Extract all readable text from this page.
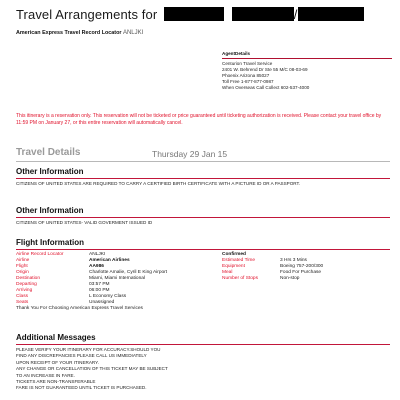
Travel Arrangements for	/
American Express Travel Record Locator ANLJKI
AgentDetails
Centurion Travel Service
2401 W. Behrend Dr Ste 55 M/C 08-03-69
Phoenix Arizona 85027
Toll Free 1-877-877-0987
When Overseas Call Collect 602-537-4000
This itinerary is a reservation only. This reservation will not be ticketed or price guaranteed until ticketing authorization is received. Please contact your travel office by 11:59 PM on January 27, or this entire reservation will automatically cancel.
Travel Details	Thursday 29 Jan 15
Other Information
CITIZENS OF UNITED STATES ARE REQUIRED TO CARRY A CERTIFIED BIRTH CERTIFICATE WITH A PICTURE ID OR A PASSPORT.
Other Information
CITIZENS OF UNITED STATES- VALID GOVERMENT ISSUED ID
Flight Information
Airline Record Locator	ANLJKI
Airline	American Airlines
Flight	AA986
Origin	Charlotte Amalie, Cyril E King Airport
Destination	Miami, Miami International
Departing	03:57 PM
Arriving	06:00 PM
Class	L Economy Class
Seats	Unassigned
Thank You For Choosing American Express Travel Services
Confirmed
Estimated Time	3 Hrs 3 Mins
Equipment	Boeing 757-200/300
Meal	Food For Purchase
Number of Stops	Non-stop
Additional Messages
PLEASE VERIFY YOUR ITINERARY FOR ACCURACY.SHOULD YOU
FIND ANY DISCREPANCIES PLEASE CALL US IMMEDIATELY
UPON RECEIPT OF YOUR ITINERARY.
ANY CHANGE OR CANCELLATION OF THIS TICKET MAY BE SUBJECT
TO AN INCREASE IN FARE.
TICKETS ARE NON-TRANSFERABLE
FARE IS NOT GUARANTEED UNTIL TICKET IS PURCHASED.
